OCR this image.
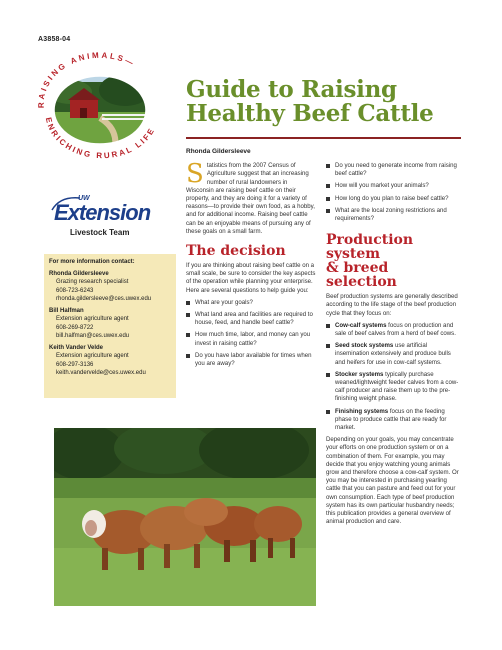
A3858-04
RAISING ANIMALS—
ENRICHING RURAL LIFE
UW
Extension
Livestock Team
For more information contact:
Rhonda Gildersleeve
Grazing research specialist
608-723-6243
rhonda.gildersleeve@ces.uwex.edu
Bill Halfman
Extension agriculture agent
608-269-8722
bill.halfman@ces.uwex.edu
Keith Vander Velde
Extension agriculture agent
608-297-3136
keith.vandervelde@ces.uwex.edu
Guide to Raising
Healthy Beef Cattle
Rhonda Gildersleeve
Statistics from the 2007 Census of Agriculture suggest that an increasing number of rural landowners in Wisconsin are raising beef cattle on their property, and they are doing it for a variety of reasons—to provide their own food, as a hobby, and for additional income. Raising beef cattle can be an enjoyable means of pursuing any of these goals on a small farm.
The decision
If you are thinking about raising beef cattle on a small scale, be sure to consider the key aspects of the operation while planning your enterprise. Here are several questions to help guide you:
What are your goals?
What land area and facilities are required to house, feed, and handle beef cattle?
How much time, labor, and money can you invest in raising cattle?
Do you have labor available for times when you are away?
Do you need to generate income from raising beef cattle?
How will you market your animals?
How long do you plan to raise beef cattle?
What are the local zoning restrictions and requirements?
Production system
& breed selection
Beef production systems are generally described according to the life stage of the beef production cycle that they focus on:
Cow-calf systems focus on production and sale of beef calves from a herd of beef cows.
Seed stock systems use artificial insemination extensively and produce bulls and heifers for use in cow-calf systems.
Stocker systems typically purchase weaned/lightweight feeder calves from a cow-calf producer and raise them up to the pre-finishing weight phase.
Finishing systems focus on the feeding phase to produce cattle that are ready for market.
Depending on your goals, you may concentrate your efforts on one production system or on a combination of them. For example, you may decide that you enjoy watching young animals grow and therefore choose a cow-calf system. Or you may be interested in purchasing yearling cattle that you can pasture and feed out for your own consumption. Each type of beef production system has its own particular husbandry needs; this publication provides a general overview of animal production and care.
